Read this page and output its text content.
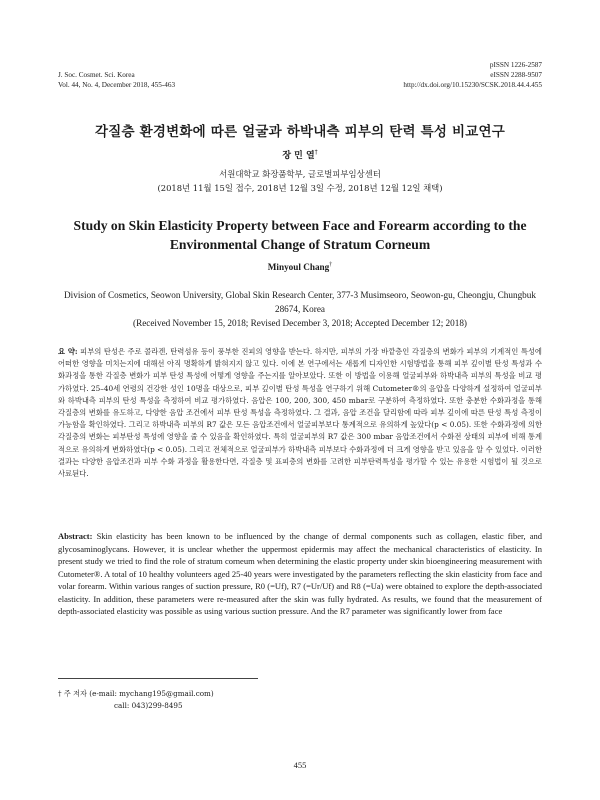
J. Soc. Cosmet. Sci. Korea
Vol. 44, No. 4, December 2018, 455-463
pISSN 1226-2587
eISSN 2288-9507
http://dx.doi.org/10.15230/SCSK.2018.44.4.455
각질층 환경변화에 따른 얼굴과 하박내측 피부의 탄력 특성 비교연구
장 민 열†
서원대학교 화장품학부, 글로벌피부임상센터
(2018년 11월 15일 접수, 2018년 12월 3일 수정, 2018년 12월 12일 채택)
Study on Skin Elasticity Property between Face and Forearm according to the Environmental Change of Stratum Corneum
Minyoul Chang†
Division of Cosmetics, Seowon University, Global Skin Research Center, 377-3 Musimseoro, Seowon-gu, Cheongju, Chungbuk 28674, Korea
(Received November 15, 2018; Revised December 3, 2018; Accepted December 12; 2018)
요 약: 피부의 탄성은 주로 콜라겐, 탄력섬유 등이 풍부한 진피의 영향을 받는다. 하지만, 피부의 가장 바깥층인 각질층의 변화가 피부의 기계적인 특성에 어떠한 영향을 미치는지에 대해선 아직 명확하게 밝혀지지 않고 있다. 이에 본 연구에서는 새롭게 디자인한 시험방법을 통해 피부 깊이별 탄성 특성과 수화과정을 통한 각질층 변화가 피부 탄성 특성에 어떻게 영향을 주는지를 알아보았다. 또한 이 방법을 이용해 얼굴피부와 하박내측 피부의 특성을 비교 평가하였다. 25–40세 연령의 건강한 성인 10명을 대상으로, 피부 깊이별 탄성 특성을 연구하기 위해 Cutometer®의 음압을 다양하게 설정하여 얼굴피부와 하박내측 피부의 탄성 특성을 측정하여 비교 평가하였다. 음압은 100, 200, 300, 450 mbar로 구분하여 측정하였다. 또한 충분한 수화과정을 통해 각질층의 변화를 유도하고, 다양한 음압 조건에서 피부 탄성 특성을 측정하였다. 그 결과, 음압 조건을 달리함에 따라 피부 깊이에 따른 탄성 특성 측정이 가능함을 확인하였다. 그리고 하박내측 피부의 R7 값은 모든 음압조건에서 얼굴피부보다 통계적으로 유의하게 높았다(p < 0.05). 또한 수화과정에 의한 각질층의 변화는 피부탄성 특성에 영향을 줄 수 있음을 확인하였다. 특히 얼굴피부의 R7 값은 300 mbar 음압조건에서 수화전 상태의 피부에 비해 통계적으로 유의하게 변화하였다(p < 0.05). 그리고 전체적으로 얼굴피부가 하박내측 피부보다 수화과정에 더 크게 영향을 받고 있음을 알 수 있었다. 이러한 결과는 다양한 음압조건과 피부 수화 과정을 활용한다면, 각질층 및 표피층의 변화를 고려한 피부탄력특성을 평가할 수 있는 유용한 시험법이 될 것으로 사료된다.
Abstract: Skin elasticity has been known to be influenced by the change of dermal components such as collagen, elastic fiber, and glycosaminoglycans. However, it is unclear whether the uppermost epidermis may affect the mechanical characteristics of elasticity. In present study we tried to find the role of stratum corneum when determining the elastic property under skin bioengineering measurement with Cutometer®. A total of 10 healthy volunteers aged 25-40 years were investigated by the parameters reflecting the skin elasticity from face and volar forearm. Within various ranges of suction pressure, R0 (=Uf), R7 (=Ur/Uf) and R8 (=Ua) were obtained to explore the depth-associated elasticity. In addition, these parameters were re-measured after the skin was fully hydrated. As results, we found that the measurement of depth-associated elasticity was possible as using various suction pressure. And the R7 parameter was significantly lower from face
† 주 저자 (e-mail: mychang195@gmail.com)
call: 043)299-8495
455
